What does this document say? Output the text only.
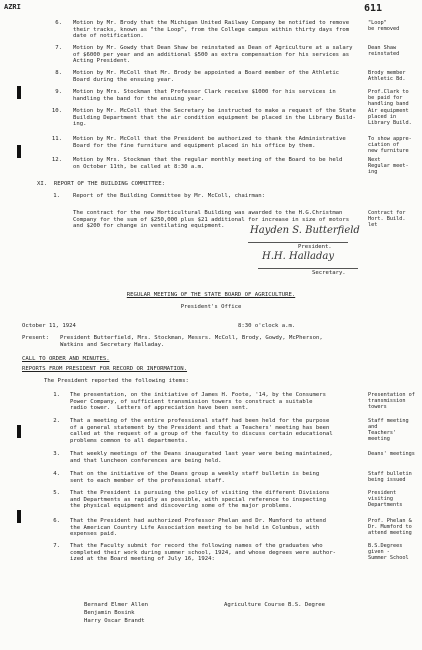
AZRI	611
6. Motion by Mr. Brody that the Michigan United Railway Company be notified to remove
their tracks, known as "the Loop", from the College campus within thirty days from
date of notification.
"Loop"
be removed
7. Motion by Mr. Gowdy that Dean Shaw be reinstated as Dean of Agriculture at a salary
of $6000 per year and an additional $500 as extra compensation for his services as
Acting President.
Dean Shaw
reinstated
8. Motion by Mr. McColl that Mr. Brody be appointed a Board member of the Athletic
Board during the ensuing year.
Brody member
Athletic Bd.
9. Motion by Mrs. Stockman that Professor Clark receive $1000 for his services in
handling the band for the ensuing year.
Prof.Clark to
be paid for
handling band
10. Motion by Mr. McColl that the Secretary be instructed to make a request of the State
Building Department that the air condition equipment be placed in the Library Build-
ing.
Air equipment
placed in
Library Build.
11. Motion by Mr. McColl that the President be authorized to thank the Administrative
Board for the fine furniture and equipment placed in his office by them.
To show appre-
ciation of
new furniture
12. Motion by Mrs. Stockman that the regular monthly meeting of the Board to be held
on October 11th, be called at 8:30 a.m.
Next
Regular meet-
ing
XI.  REPORT OF THE BUILDING COMMITTEE:
1. Report of the Building Committee by Mr. McColl, chairman:
The contract for the new Horticultural Building was awarded to the H.G.Christman
Company for the sum of $250,000 plus $21 additional for increase in size of motors
and $200 for change in ventilating equipment.
Contract for
Hort. Build.
let
Hayden S. Butterfield
President.
H.H. Halladay
Secretary.
REGULAR MEETING OF THE STATE BOARD OF AGRICULTURE.
President's Office
October 11, 1924	8:30 o'clock a.m.
Present: President Butterfield, Mrs. Stockman, Messrs. McColl, Brody, Gowdy, McPherson,
Watkins and Secretary Halladay.
CALL TO ORDER AND MINUTES.
REPORTS FROM PRESIDENT FOR RECORD OR INFORMATION.
The President reported the following items:
1. The presentation, on the initiative of James H. Foote, '14, by the Consumers
Power Company, of sufficient transmission towers to construct a suitable
radio tower.  Letters of appreciation have been sent.
Presentation of
transmission
towers
2. That a meeting of the entire professional staff had been held for the purpose
of a general statement by the President and that a Teachers' meeting has been
called at the request of a group of the faculty to discuss certain educational
problems common to all departments.
Staff meeting
and
Teachers'
meeting
3. That weekly meetings of the Deans inaugurated last year were being maintained,
and that luncheon conferences are being held.
Deans' meetings
4. That on the initiative of the Deans group a weekly staff bulletin is being
sent to each member of the professional staff.
Staff bulletin
being issued
5. That the President is pursuing the policy of visiting the different Divisions
and Departments as rapidly as possible, with special reference to inspecting
the physical equipment and discovering some of the major problems.
President
visiting
Departments
6. That the President had authorized Professor Phelan and Dr. Mumford to attend
the American Country Life Association meeting to be held in Columbus, with
expenses paid.
Prof. Phelan &
Dr. Mumford to
attend meeting
7. That the Faculty submit for record the following names of the graduates who
completed their work during summer school, 1924, and whose degrees were author-
ized at the Board meeting of July 16, 1924:
B.S.Degrees
given -
Summer School
Bernard Elmer Allen	Agriculture Course B.S. Degree
Benjamin Bosink
Harry Oscar Brandt
